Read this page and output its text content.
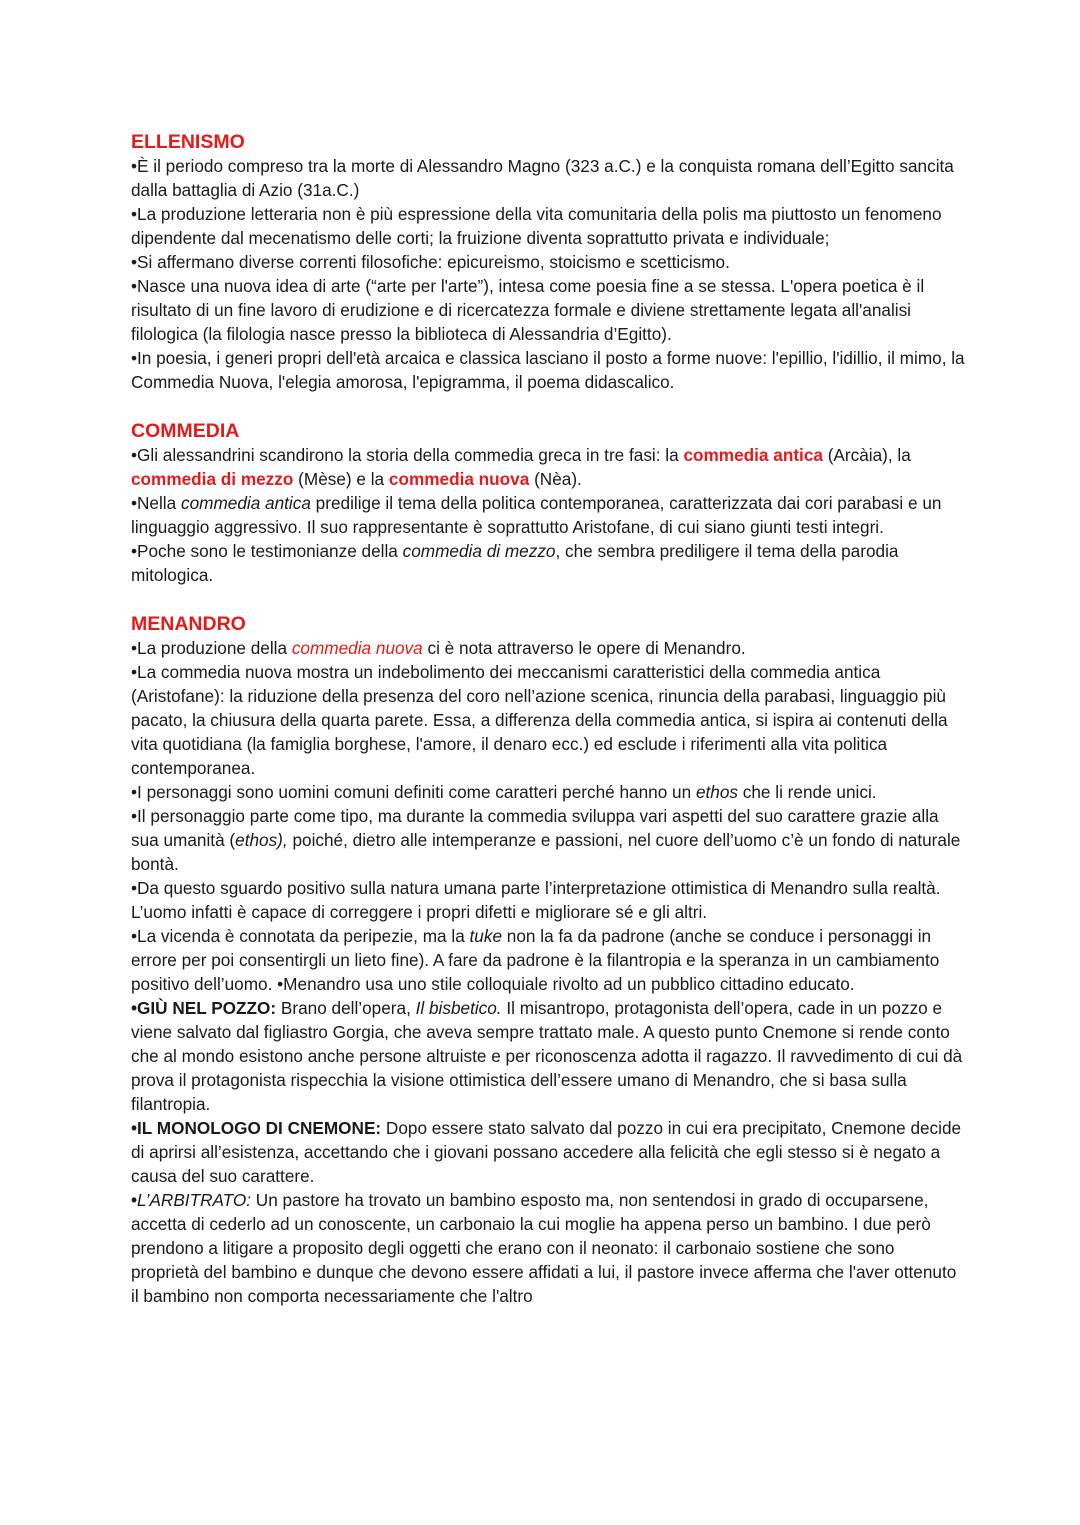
ELLENISMO

•È il periodo compreso tra la morte di Alessandro Magno (323 a.C.) e la conquista romana dell’Egitto sancita dalla battaglia di Azio (31a.C.)

•La produzione letteraria non è più espressione della vita comunitaria della polis ma piuttosto un fenomeno dipendente dal mecenatismo delle corti; la fruizione diventa soprattutto privata e individuale;

•Si affermano diverse correnti filosofiche: epicureismo, stoicismo e scetticismo.

•Nasce una nuova idea di arte (“arte per l'arte”), intesa come poesia fine a se stessa. L'opera poetica è il risultato di un fine lavoro di erudizione e di ricercatezza formale e diviene strettamente legata all'analisi filologica (la filologia nasce presso la biblioteca di Alessandria d’Egitto).

•In poesia, i generi propri dell'età arcaica e classica lasciano il posto a forme nuove: l'epillio, l'idillio, il mimo, la Commedia Nuova, l'elegia amorosa, l'epigramma, il poema didascalico.

COMMEDIA

•Gli alessandrini scandirono la storia della commedia greca in tre fasi: la commedia antica (Arcàia), la commedia di mezzo (Mèse) e la commedia nuova (Nèa).

•Nella commedia antica predilige il tema della politica contemporanea, caratterizzata dai cori parabasi e un linguaggio aggressivo. Il suo rappresentante è soprattutto Aristofane, di cui siano giunti testi integri.

•Poche sono le testimonianze della commedia di mezzo, che sembra prediligere il tema della parodia mitologica.

MENANDRO

•La produzione della commedia nuova ci è nota attraverso le opere di Menandro.

•La commedia nuova mostra un indebolimento dei meccanismi caratteristici della commedia antica (Aristofane): la riduzione della presenza del coro nell’azione scenica, rinuncia della parabasi, linguaggio più pacato, la chiusura della quarta parete. Essa, a differenza della commedia antica, si ispira ai contenuti della vita quotidiana (la famiglia borghese, l'amore, il denaro ecc.) ed esclude i riferimenti alla vita politica contemporanea.

•I personaggi sono uomini comuni definiti come caratteri perché hanno un ethos che li rende unici.

•Il personaggio parte come tipo, ma durante la commedia sviluppa vari aspetti del suo carattere grazie alla sua umanità (ethos), poiché, dietro alle intemperanze e passioni, nel cuore dell’uomo c’è un fondo di naturale bontà.

•Da questo sguardo positivo sulla natura umana parte l’interpretazione ottimistica di Menandro sulla realtà. L’uomo infatti è capace di correggere i propri difetti e migliorare sé e gli altri.

•La vicenda è connotata da peripezie, ma la tuke non la fa da padrone (anche se conduce i personaggi in errore per poi consentirgli un lieto fine). A fare da padrone è la filantropia e la speranza in un cambiamento positivo dell’uomo. •Menandro usa uno stile colloquiale rivolto ad un pubblico cittadino educato.

•GIÙ NEL POZZO: Brano dell’opera, Il bisbetico. Il misantropo, protagonista dell’opera, cade in un pozzo e viene salvato dal figliastro Gorgia, che aveva sempre trattato male. A questo punto Cnemone si rende conto che al mondo esistono anche persone altruiste e per riconoscenza adotta il ragazzo. Il ravvedimento di cui dà prova il protagonista rispecchia la visione ottimistica dell’essere umano di Menandro, che si basa sulla filantropia.

•IL MONOLOGO DI CNEMONE: Dopo essere stato salvato dal pozzo in cui era precipitato, Cnemone decide di aprirsi all’esistenza, accettando che i giovani possano accedere alla felicità che egli stesso si è negato a causa del suo carattere.

•L’ARBITRATO: Un pastore ha trovato un bambino esposto ma, non sentendosi in grado di occuparsene, accetta di cederlo ad un conoscente, un carbonaio la cui moglie ha appena perso un bambino. I due però prendono a litigare a proposito degli oggetti che erano con il neonato: il carbonaio sostiene che sono proprietà del bambino e dunque che devono essere affidati a lui, il pastore invece afferma che l'aver ottenuto il bambino non comporta necessariamente che l'altro
